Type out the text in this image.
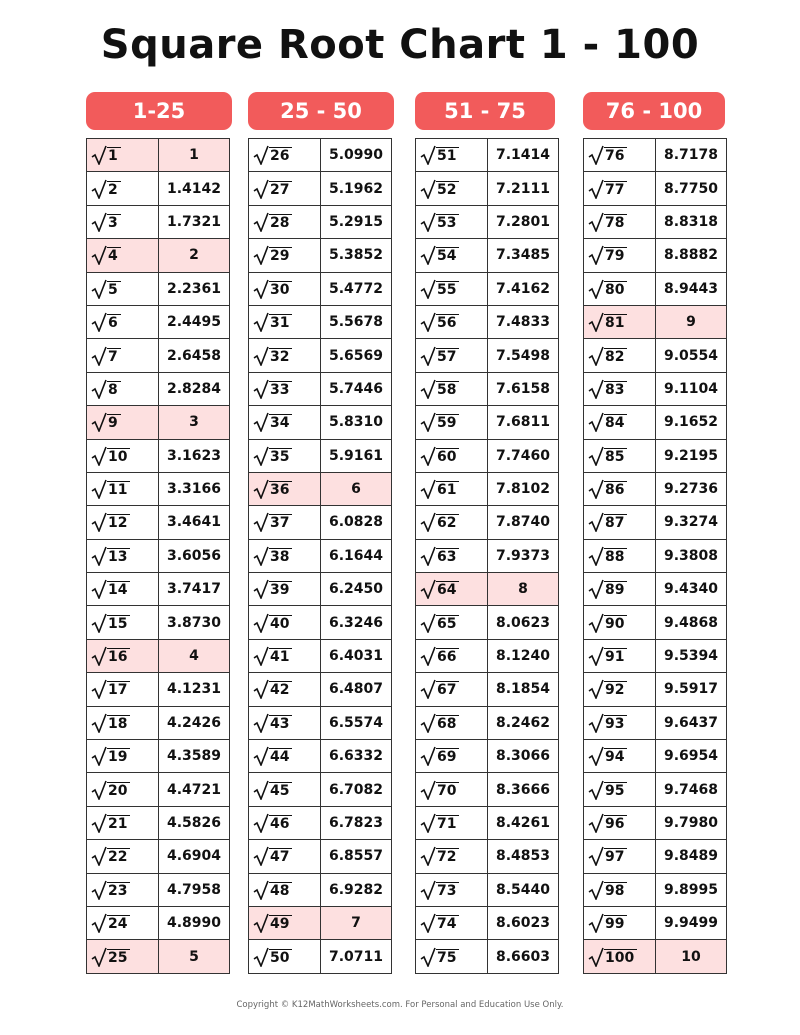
Square Root Chart 1 - 100
1-25
1	1

2	1.4142

3	1.7321

4	2

5	2.2361

6	2.4495

7	2.6458

8	2.8284

9	3

10	3.1623

11	3.3166

12	3.4641

13	3.6056

14	3.7417

15	3.8730

16	4

17	4.1231

18	4.2426

19	4.3589

20	4.4721

21	4.5826

22	4.6904

23	4.7958

24	4.8990

25	5
25 - 50
26	5.0990

27	5.1962

28	5.2915

29	5.3852

30	5.4772

31	5.5678

32	5.6569

33	5.7446

34	5.8310

35	5.9161

36	6

37	6.0828

38	6.1644

39	6.2450

40	6.3246

41	6.4031

42	6.4807

43	6.5574

44	6.6332

45	6.7082

46	6.7823

47	6.8557

48	6.9282

49	7

50	7.0711
51 - 75
51	7.1414

52	7.2111

53	7.2801

54	7.3485

55	7.4162

56	7.4833

57	7.5498

58	7.6158

59	7.6811

60	7.7460

61	7.8102

62	7.8740

63	7.9373

64	8

65	8.0623

66	8.1240

67	8.1854

68	8.2462

69	8.3066

70	8.3666

71	8.4261

72	8.4853

73	8.5440

74	8.6023

75	8.6603
76 - 100
76	8.7178

77	8.7750

78	8.8318

79	8.8882

80	8.9443

81	9

82	9.0554

83	9.1104

84	9.1652

85	9.2195

86	9.2736

87	9.3274

88	9.3808

89	9.4340

90	9.4868

91	9.5394

92	9.5917

93	9.6437

94	9.6954

95	9.7468

96	9.7980

97	9.8489

98	9.8995

99	9.9499

100	10
Copyright © K12MathWorksheets.com. For Personal and Education Use Only.
